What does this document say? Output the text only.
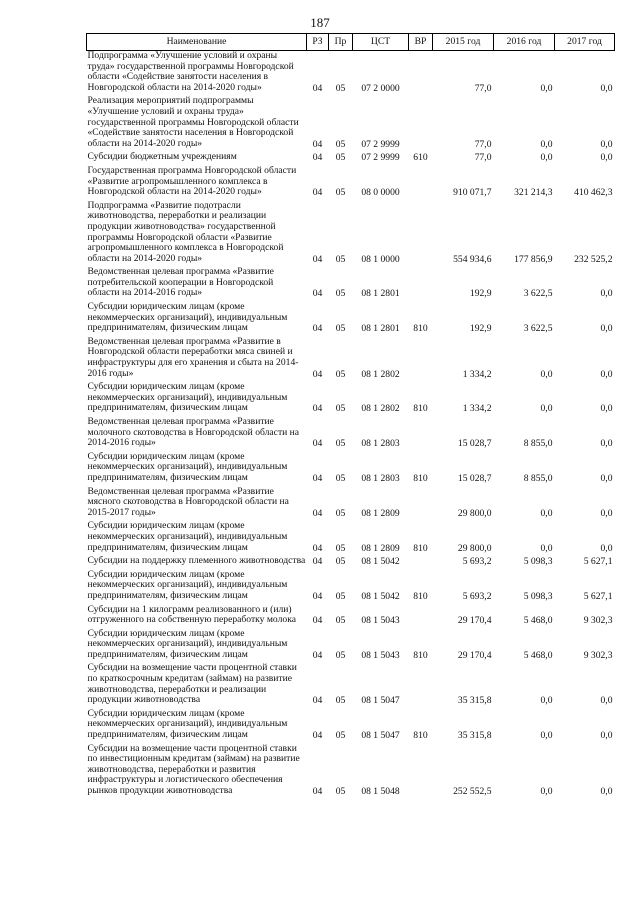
187
Наименование	РЗ	Пр	ЦСТ	ВР	2015 год	2016 год	2017 год
Подпрограмма «Улучшение условий и охраны труда» государственной программы Новгородской области «Содействие занятости населения в Новгородской области на 2014-2020 годы»	04	05	07 2 0000		77,0	0,0	0,0
Реализация мероприятий подпрограммы «Улучшение условий и охраны труда» государственной программы Новгородской области «Содействие занятости населения в Новгородской области на 2014-2020 годы»	04	05	07 2 9999		77,0	0,0	0,0
Субсидии бюджетным учреждениям	04	05	07 2 9999	610	77,0	0,0	0,0
Государственная программа Новгородской области «Развитие агропромышленного комплекса в Новгородской области на 2014-2020 годы»	04	05	08 0 0000		910 071,7	321 214,3	410 462,3
Подпрограмма «Развитие подотрасли животноводства, переработки и реализации продукции животноводства» государственной программы Новгородской области «Развитие агропромышленного комплекса в Новгородской области на 2014-2020 годы»	04	05	08 1 0000		554 934,6	177 856,9	232 525,2
Ведомственная целевая программа «Развитие потребительской кооперации в Новгородской области на 2014-2016 годы»	04	05	08 1 2801		192,9	3 622,5	0,0
Субсидии юридическим лицам (кроме некоммерческих организаций), индивидуальным предпринимателям, физическим лицам	04	05	08 1 2801	810	192,9	3 622,5	0,0
Ведомственная целевая программа «Развитие в Новгородской области переработки мяса свиней и инфраструктуры для его хранения и сбыта на 2014-2016 годы»	04	05	08 1 2802		1 334,2	0,0	0,0
Субсидии юридическим лицам (кроме некоммерческих организаций), индивидуальным предпринимателям, физическим лицам	04	05	08 1 2802	810	1 334,2	0,0	0,0
Ведомственная целевая программа «Развитие молочного скотоводства в Новгородской области на 2014-2016 годы»	04	05	08 1 2803		15 028,7	8 855,0	0,0
Субсидии юридическим лицам (кроме некоммерческих организаций), индивидуальным предпринимателям, физическим лицам	04	05	08 1 2803	810	15 028,7	8 855,0	0,0
Ведомственная целевая программа «Развитие мясного скотоводства в Новгородской области на 2015-2017 годы»	04	05	08 1 2809		29 800,0	0,0	0,0
Субсидии юридическим лицам (кроме некоммерческих организаций), индивидуальным предпринимателям, физическим лицам	04	05	08 1 2809	810	29 800,0	0,0	0,0
Субсидии на поддержку племенного животноводства	04	05	08 1 5042		5 693,2	5 098,3	5 627,1
Субсидии юридическим лицам (кроме некоммерческих организаций), индивидуальным предпринимателям, физическим лицам	04	05	08 1 5042	810	5 693,2	5 098,3	5 627,1
Субсидии на 1 килограмм реализованного и (или) отгруженного на собственную переработку молока	04	05	08 1 5043		29 170,4	5 468,0	9 302,3
Субсидии юридическим лицам (кроме некоммерческих организаций), индивидуальным предпринимателям, физическим лицам	04	05	08 1 5043	810	29 170,4	5 468,0	9 302,3
Субсидии на возмещение части процентной ставки по краткосрочным кредитам (займам) на развитие животноводства, переработки и реализации продукции животноводства	04	05	08 1 5047		35 315,8	0,0	0,0
Субсидии юридическим лицам (кроме некоммерческих организаций), индивидуальным предпринимателям, физическим лицам	04	05	08 1 5047	810	35 315,8	0,0	0,0
Субсидии на возмещение части процентной ставки по инвестиционным кредитам (займам) на развитие животноводства, переработки и развития инфраструктуры и логистического обеспечения рынков продукции животноводства	04	05	08 1 5048		252 552,5	0,0	0,0
